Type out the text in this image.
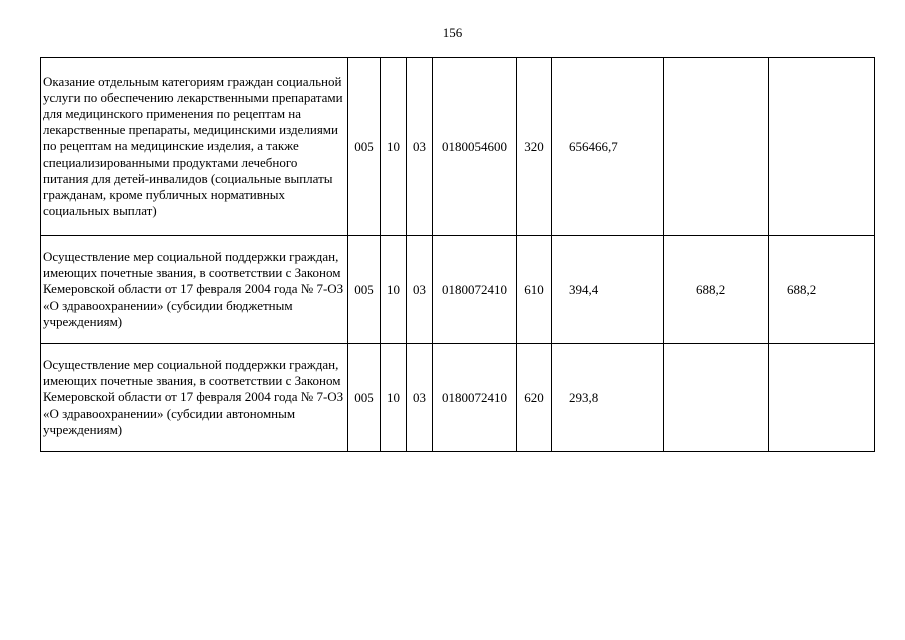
156
Оказание отдельным категориям граждан социальной услуги по обеспечению лекарственными препаратами для медицинского применения по рецептам на лекарственные препараты, медицинскими изделиями по рецептам на медицинские изделия, а также специализированными продуктами лечебного питания для детей-инвалидов (социальные выплаты гражданам, кроме публичных нормативных социальных выплат)	005	10	03	0180054600	320	656466,7		
Осуществление мер социальной поддержки граждан, имеющих почетные звания, в соответствии с Законом Кемеровской области от 17 февраля 2004 года № 7-ОЗ «О здравоохранении» (субсидии бюджетным учреждениям)	005	10	03	0180072410	610	394,4	688,2	688,2
Осуществление мер социальной поддержки граждан, имеющих почетные звания, в соответствии с Законом Кемеровской области от 17 февраля 2004 года № 7-ОЗ «О здравоохранении» (субсидии автономным учреждениям)	005	10	03	0180072410	620	293,8		
